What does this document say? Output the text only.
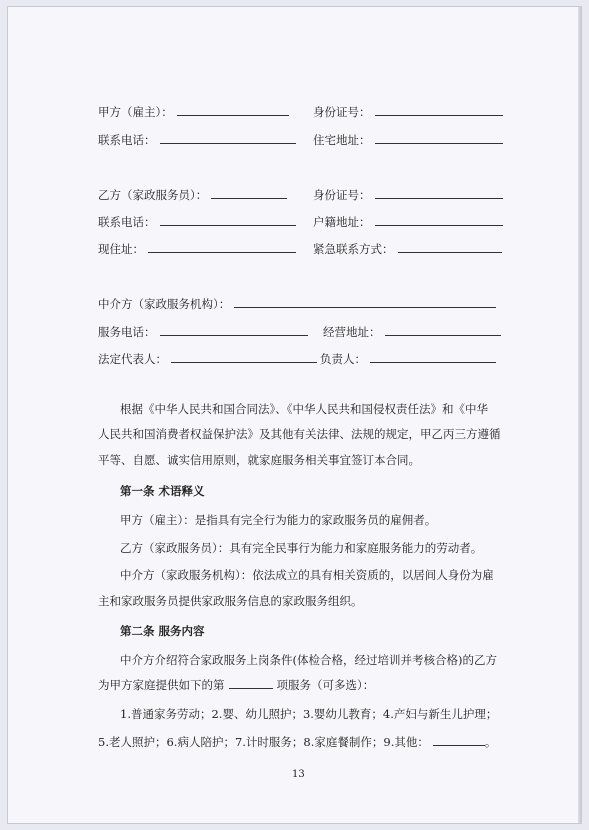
甲方（雇主）：	身份证号：
联系电话：	住宅地址：
乙方（家政服务员）：	身份证号：
联系电话：	户籍地址：
现住址：	紧急联系方式：
中介方（家政服务机构）：
服务电话：	经营地址：
法定代表人：	负责人：
根据《中华人民共和国合同法》、《中华人民共和国侵权责任法》和《中华
人民共和国消费者权益保护法》及其他有关法律、法规的规定，甲乙丙三方遵循
平等、自愿、诚实信用原则，就家庭服务相关事宜签订本合同。
第一条 术语释义
甲方（雇主）：是指具有完全行为能力的家政服务员的雇佣者。
乙方（家政服务员）：具有完全民事行为能力和家庭服务能力的劳动者。
中介方（家政服务机构）：依法成立的具有相关资质的，以居间人身份为雇
主和家政服务员提供家政服务信息的家政服务组织。
第二条 服务内容
中介方介绍符合家政服务上岗条件(体检合格，经过培训并考核合格)的乙方
为甲方家庭提供如下的第	项服务（可多选）：
1.普通家务劳动；2.婴、幼儿照护；3.婴幼儿教育；4.产妇与新生儿护理；
5.老人照护；6.病人陪护；7.计时服务；8.家庭餐制作；9.其他：	。
13
